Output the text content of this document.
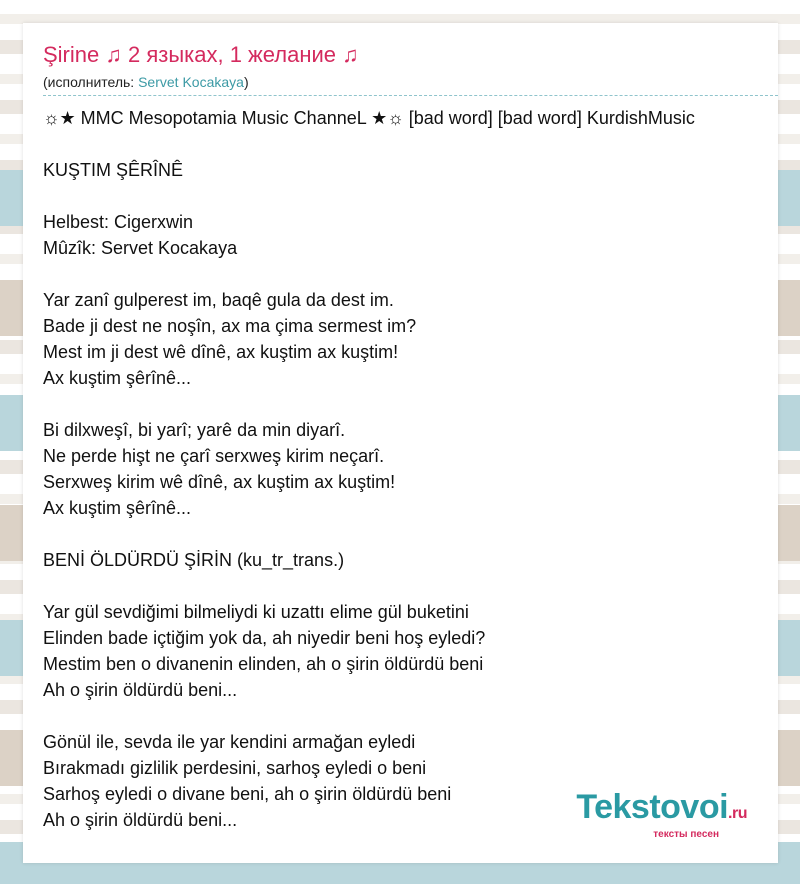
Şirine ♫ 2 языках, 1 желание ♫
(исполнитель: Servet Kocakaya)
☼★ MMC Mesopotamia Music ChanneL ★☼ [bad word] [bad word] KurdishMusic
KUŞTIM ŞÊRÎNÊ
Helbest: Cigerxwin
Mûzîk: Servet Kocakaya
Yar zanî gulperest im, baqê gula da dest im.
Bade ji dest ne noşîn, ax ma çima sermest im?
Mest im ji dest wê dînê, ax kuştim ax kuştim!
Ax kuştim şêrînê...
Bi dilxweşî, bi yarî; yarê da min diyarî.
Ne perde hişt ne çarî serxweş kirim neçarî.
Serxweş kirim wê dînê, ax kuştim ax kuştim!
Ax kuştim şêrînê...
BENİ ÖLDÜRDÜ ŞİRİN (ku_tr_trans.)
Yar gül sevdiğimi bilmeliydi ki uzattı elime gül buketini
Elinden bade içtiğim yok da, ah niyedir beni hoş eyledi?
Mestim ben o divanenin elinden, ah o şirin öldürdü beni
Ah o şirin öldürdü beni...
Gönül ile, sevda ile yar kendini armağan eyledi
Bırakmadı gizlilik perdesini, sarhoş eyledi o beni
Sarhoş eyledi o divane beni, ah o şirin öldürdü beni
Ah o şirin öldürdü beni...	Tekstovoi.ru
тексты песен
